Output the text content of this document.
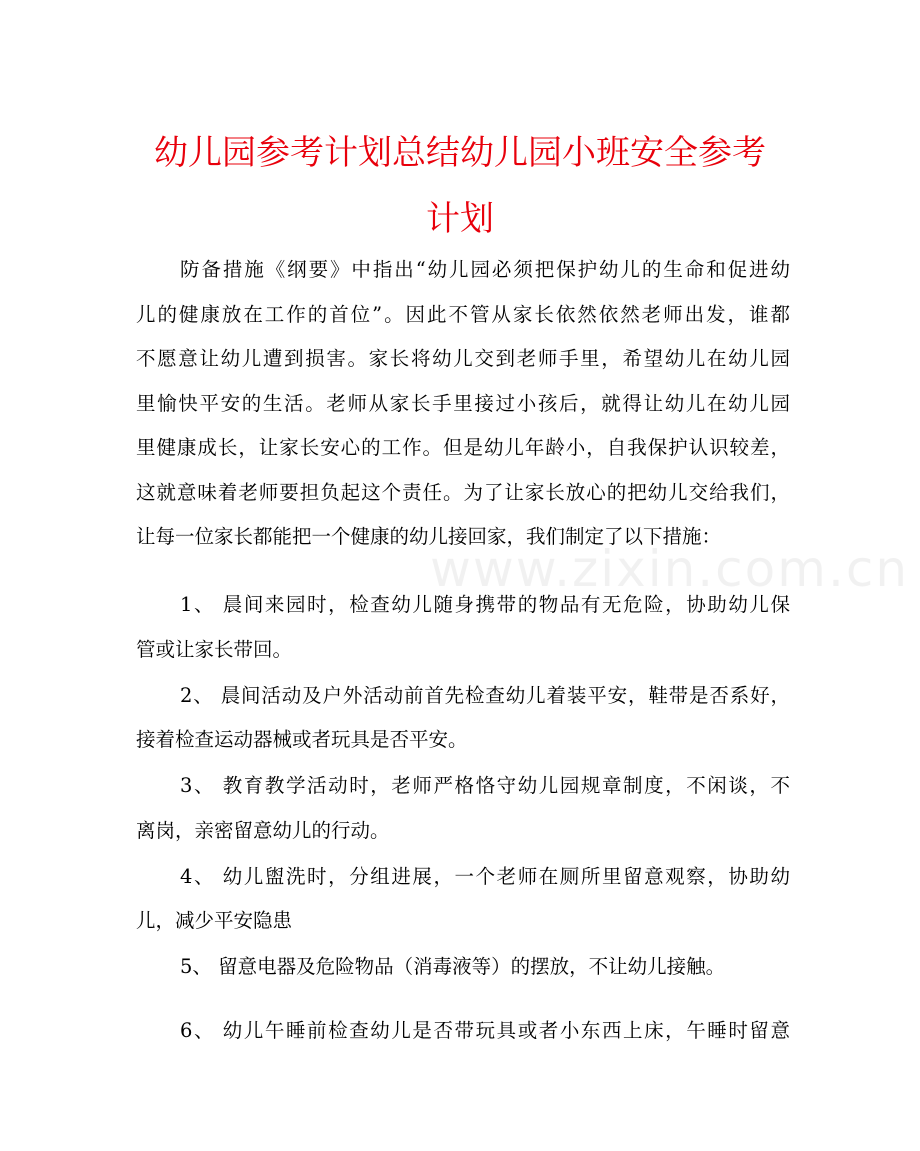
幼儿园参考计划总结幼儿园小班安全参考
计划
www.zixin.com.cn
防备措施《纲要》中指出“幼儿园必须把保护幼儿的生命和促进幼
儿的健康放在工作的首位”。因此不管从家长依然依然老师出发，谁都
不愿意让幼儿遭到损害。家长将幼儿交到老师手里，希望幼儿在幼儿园
里愉快平安的生活。老师从家长手里接过小孩后，就得让幼儿在幼儿园
里健康成长，让家长安心的工作。但是幼儿年龄小，自我保护认识较差，
这就意味着老师要担负起这个责任。为了让家长放心的把幼儿交给我们，
让每一位家长都能把一个健康的幼儿接回家，我们制定了以下措施：
1、 晨间来园时，检查幼儿随身携带的物品有无危险，协助幼儿保
管或让家长带回。
2、 晨间活动及户外活动前首先检查幼儿着装平安，鞋带是否系好，
接着检查运动器械或者玩具是否平安。
3、 教育教学活动时，老师严格恪守幼儿园规章制度，不闲谈，不
离岗，亲密留意幼儿的行动。
4、 幼儿盥洗时，分组进展，一个老师在厕所里留意观察，协助幼
儿，减少平安隐患
5、 留意电器及危险物品（消毒液等）的摆放，不让幼儿接触。
6、 幼儿午睡前检查幼儿是否带玩具或者小东西上床，午睡时留意
